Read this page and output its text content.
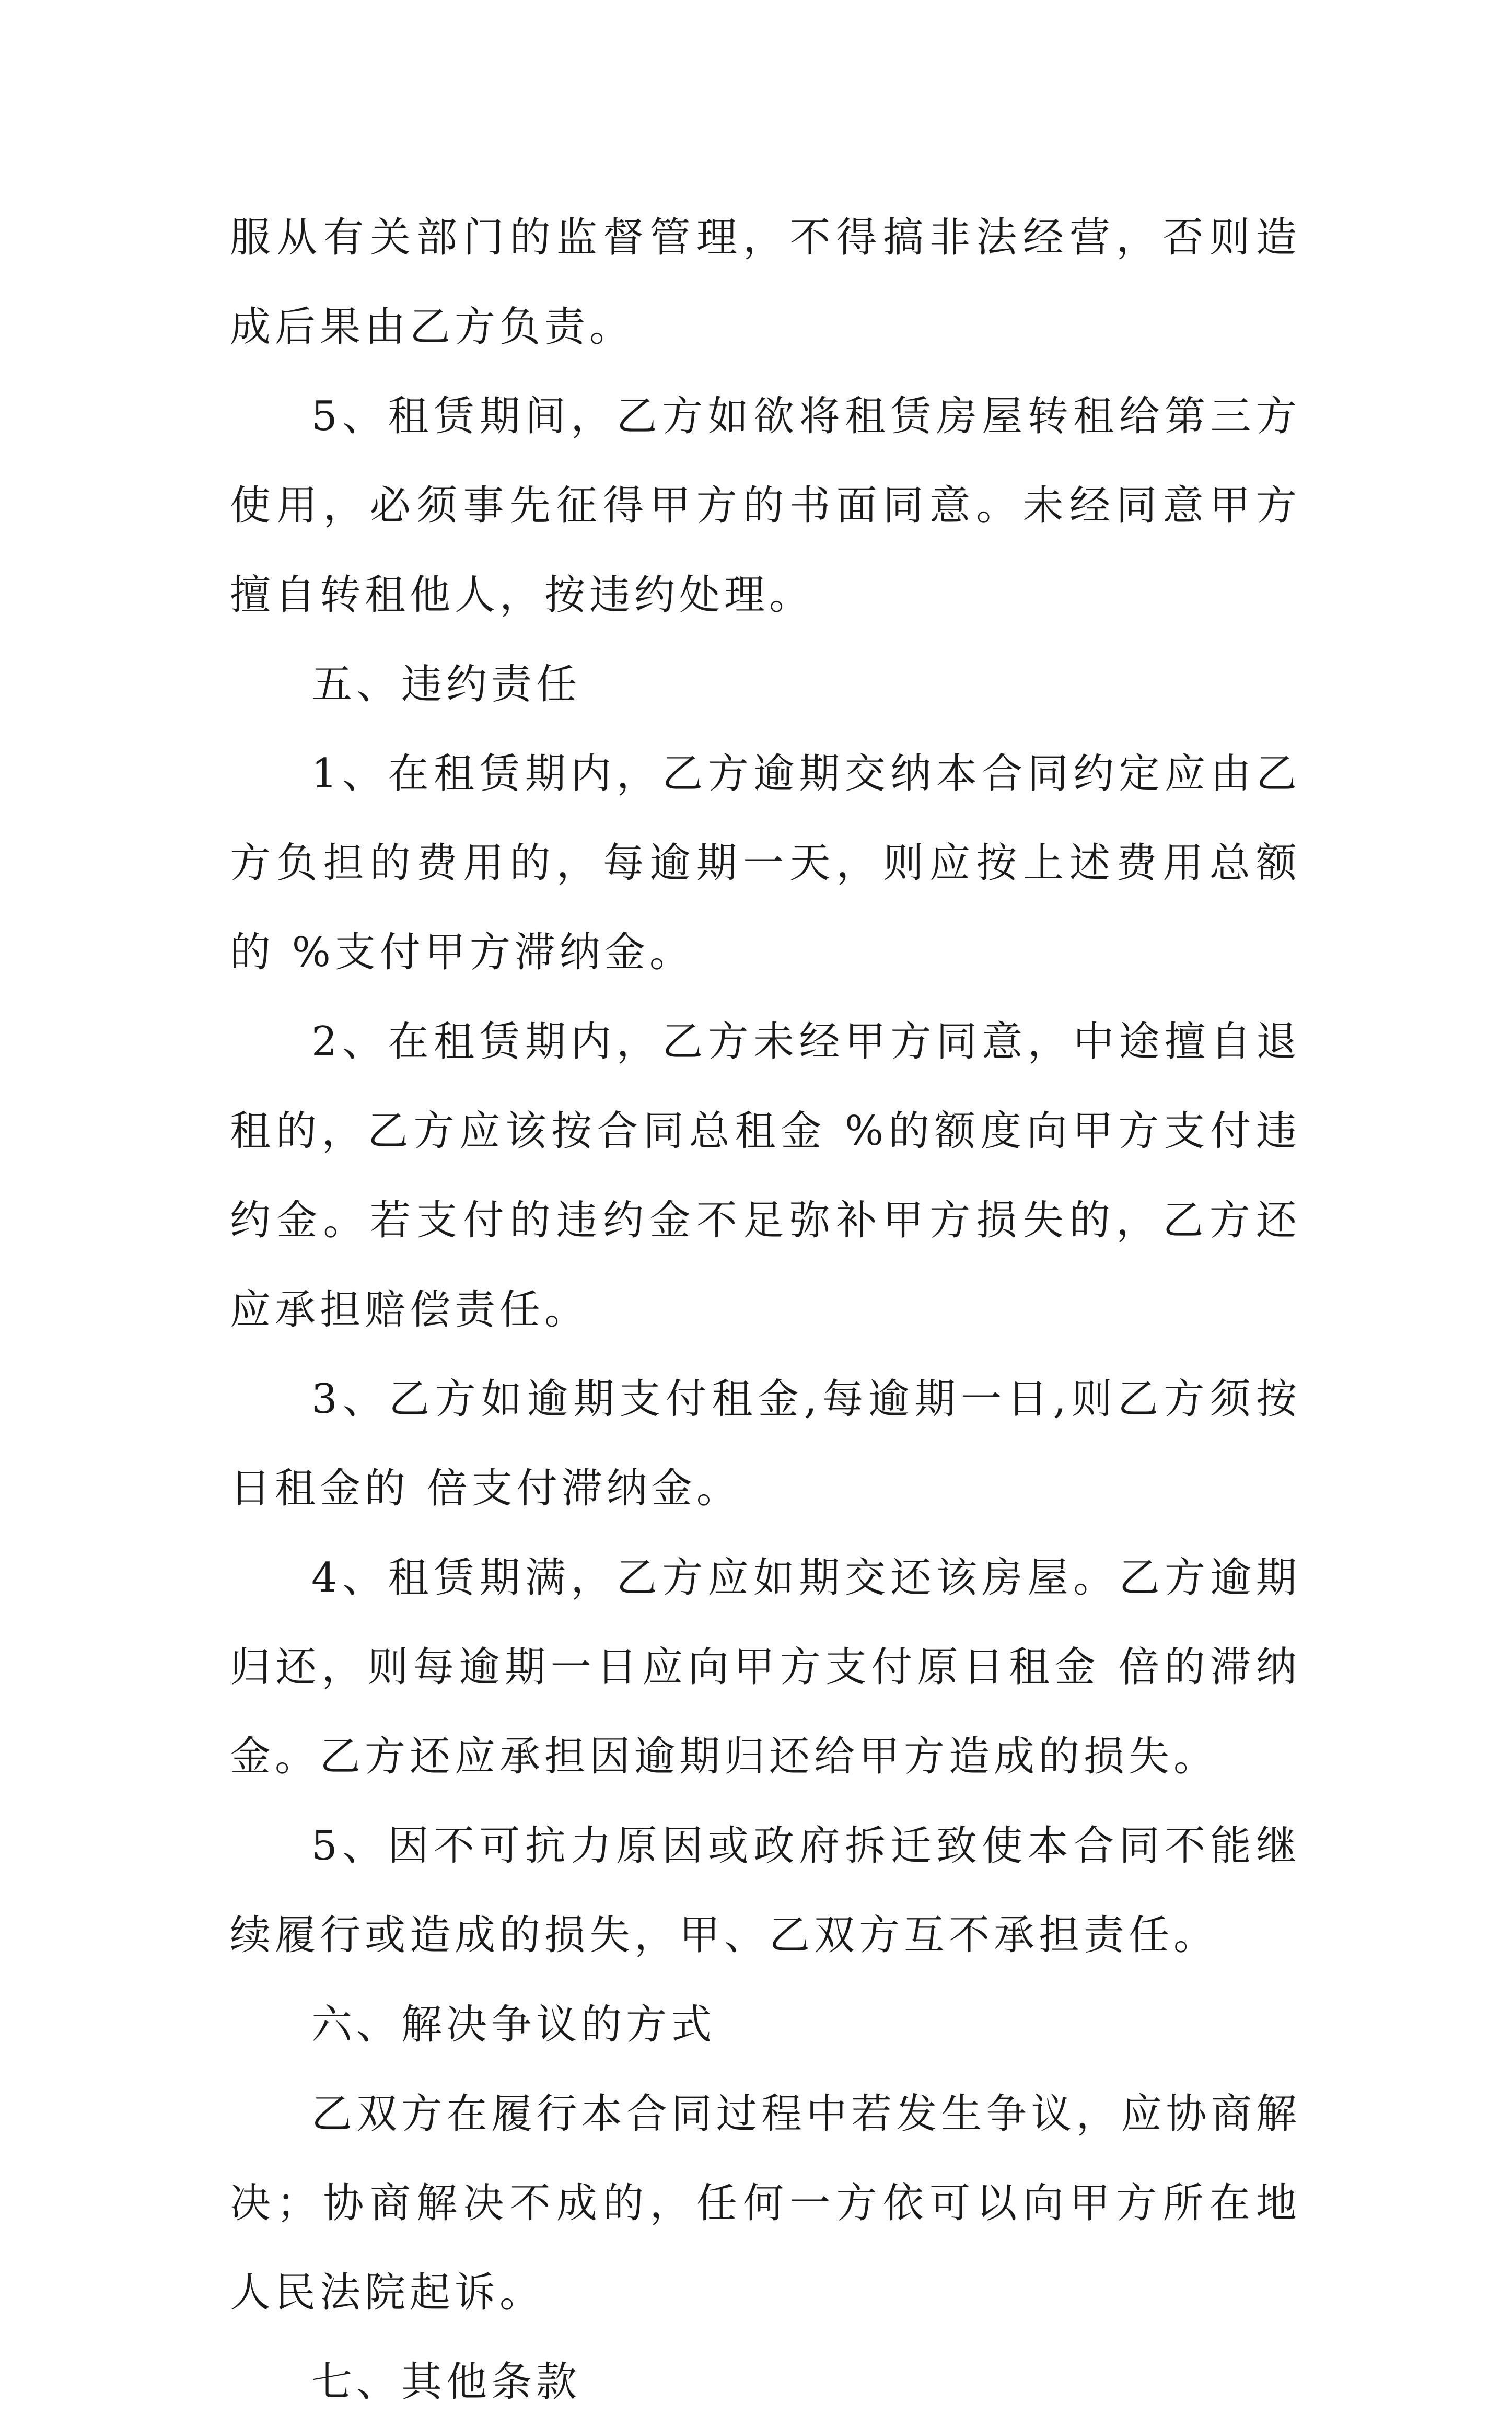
服从有关部门的监督管理，不得搞非法经营，否则造成后果由乙方负责。

5、租赁期间，乙方如欲将租赁房屋转租给第三方使用，必须事先征得甲方的书面同意。未经同意甲方擅自转租他人，按违约处理。

五、违约责任

1、在租赁期内，乙方逾期交纳本合同约定应由乙方负担的费用的，每逾期一天，则应按上述费用总额的 %支付甲方滞纳金。

2、在租赁期内，乙方未经甲方同意，中途擅自退租的，乙方应该按合同总租金 %的额度向甲方支付违约金。若支付的违约金不足弥补甲方损失的，乙方还应承担赔偿责任。

3、乙方如逾期支付租金,每逾期一日,则乙方须按日租金的 倍支付滞纳金。

4、租赁期满，乙方应如期交还该房屋。乙方逾期归还，则每逾期一日应向甲方支付原日租金 倍的滞纳金。乙方还应承担因逾期归还给甲方造成的损失。

5、因不可抗力原因或政府拆迁致使本合同不能继续履行或造成的损失，甲、乙双方互不承担责任。

六、解决争议的方式

乙双方在履行本合同过程中若发生争议，应协商解决；协商解决不成的，任何一方依可以向甲方所在地人民法院起诉。

七、其他条款
